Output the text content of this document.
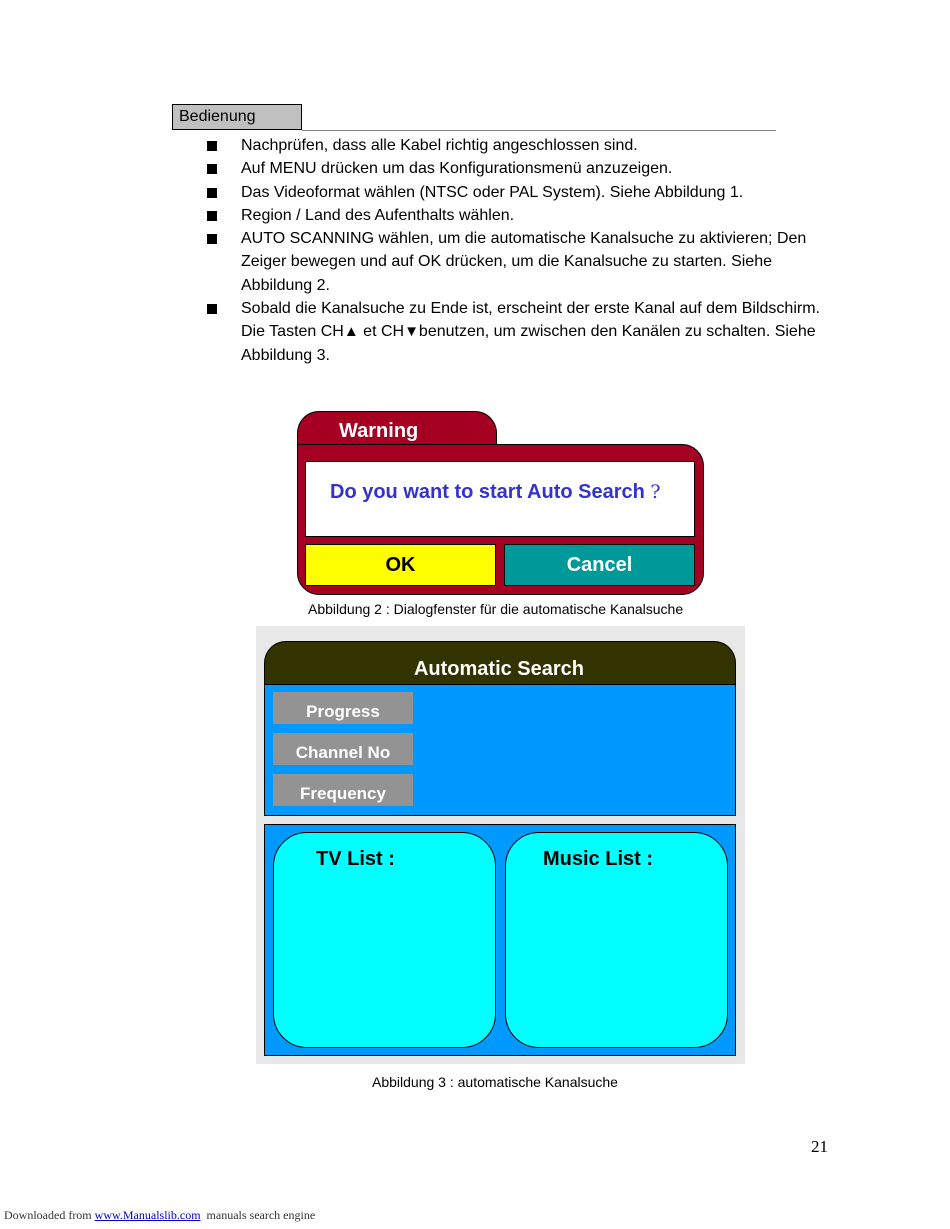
Bedienung
Nachprüfen, dass alle Kabel richtig angeschlossen sind.
Auf MENU drücken um das Konfigurationsmenü anzuzeigen.
Das Videoformat wählen (NTSC oder PAL System). Siehe Abbildung 1.
Region / Land des Aufenthalts wählen.
AUTO SCANNING wählen, um die automatische Kanalsuche zu aktivieren; Den Zeiger bewegen und auf OK drücken, um die Kanalsuche zu starten. Siehe Abbildung 2.
Sobald die Kanalsuche zu Ende ist, erscheint der erste Kanal auf dem Bildschirm. Die Tasten CH▲ et CH▼benutzen, um zwischen den Kanälen zu schalten. Siehe Abbildung 3.
Warning
Do you want to start Auto Search ?
OK	Cancel
Abbildung 2 : Dialogfenster für die automatische Kanalsuche
Automatic Search
Progress
Channel No
Frequency
TV List :	Music List :
Abbildung 3 : automatische Kanalsuche
21
Downloaded from www.Manualslib.com  manuals search engine
